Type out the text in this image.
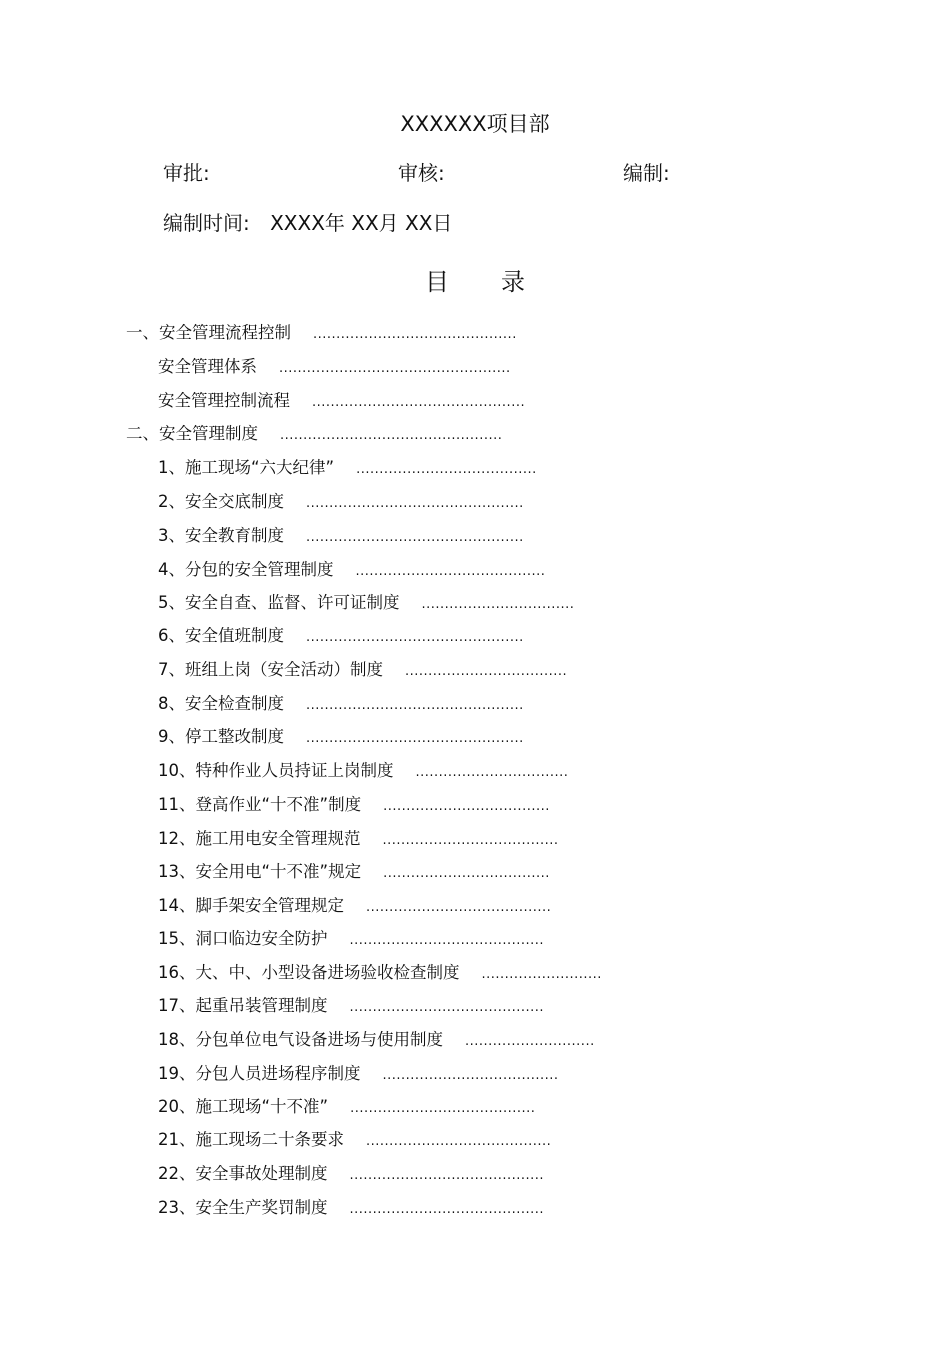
XXXXXX项目部
审批:	审核:	编制:
编制时间: XXXX年 XX月 XX日
目录
一、安全管理流程控制 ............................................
安全管理体系 ..................................................
安全管理控制流程 ..............................................
二、安全管理制度 ................................................
1、施工现场“六大纪律” .......................................
2、安全交底制度 ...............................................
3、安全教育制度 ...............................................
4、分包的安全管理制度 .........................................
5、安全自查、监督、许可证制度 .................................
6、安全值班制度 ...............................................
7、班组上岗（安全活动）制度 ...................................
8、安全检查制度 ...............................................
9、停工整改制度 ...............................................
10、特种作业人员持证上岗制度 .................................
11、登高作业“十不准”制度 ....................................
12、施工用电安全管理规范 ......................................
13、安全用电“十不准”规定 ....................................
14、脚手架安全管理规定 ........................................
15、洞口临边安全防护 ..........................................
16、大、中、小型设备进场验收检查制度 ..........................
17、起重吊装管理制度 ..........................................
18、分包单位电气设备进场与使用制度 ............................
19、分包人员进场程序制度 ......................................
20、施工现场“十不准” ........................................
21、施工现场二十条要求 ........................................
22、安全事故处理制度 ..........................................
23、安全生产奖罚制度 ..........................................
